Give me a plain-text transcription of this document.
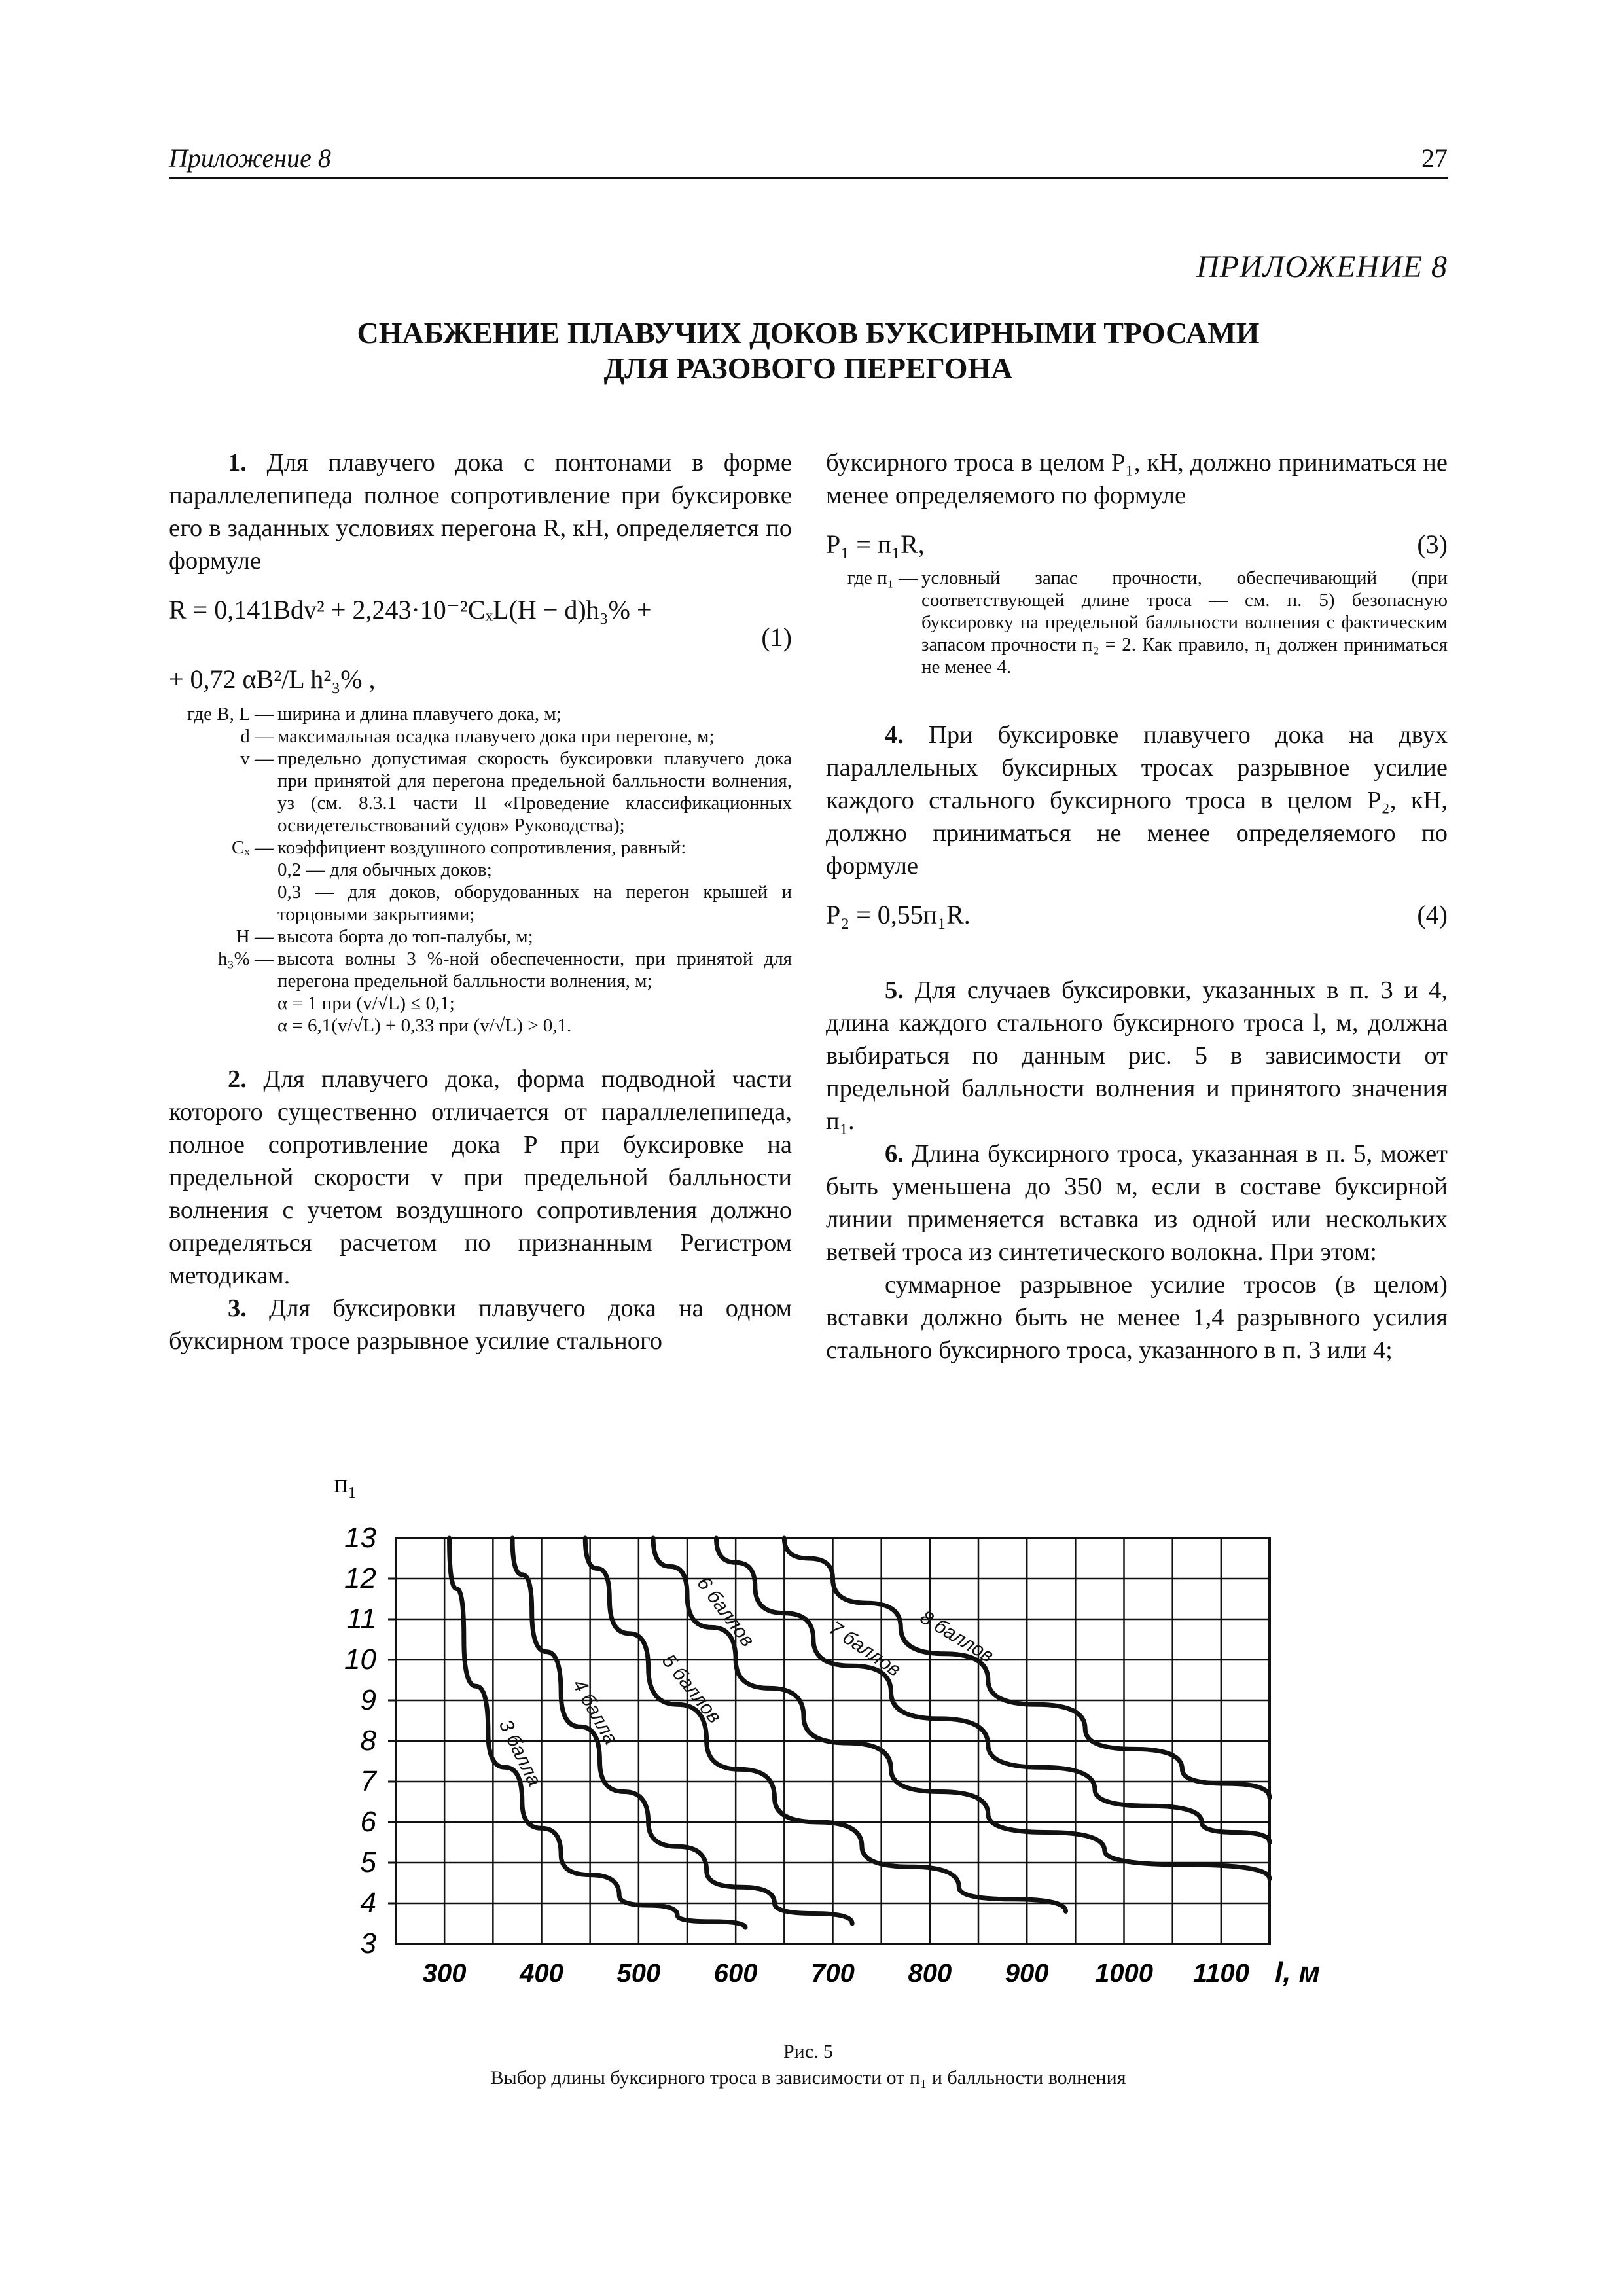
Приложение 8	27
ПРИЛОЖЕНИЕ 8
СНАБЖЕНИЕ ПЛАВУЧИХ ДОКОВ БУКСИРНЫМИ ТРОСАМИ
ДЛЯ РАЗОВОГО ПЕРЕГОНА

1. Для плавучего дока с понтонами в форме параллелепипеда полное сопротивление при буксировке его в заданных условиях перегона R, кН, определяется по формуле

R = 0,141Bdv² + 2,243·10⁻²CₓL(H − d)h₃% +
(1)
+ 0,72 αB²/L h²₃% ,
где B, L — ширина и длина плавучего дока, м;
d — максимальная осадка плавучего дока при перегоне, м;
v — предельно допустимая скорость буксировки плавучего дока при принятой для перегона предельной балльности волнения, уз (см. 8.3.1 части II «Проведение классификационных освидетельствований судов» Руководства);
Cₓ — коэффициент воздушного сопротивления, равный:
0,2 — для обычных доков;
0,3 — для доков, оборудованных на перегон крышей и торцовыми закрытиями;
H — высота борта до топ-палубы, м;
h₃% — высота волны 3 %-ной обеспеченности, при принятой для перегона предельной балльности волнения, м;
α = 1 при (v/√L) ≤ 0,1;
α = 6,1(v/√L) + 0,33 при (v/√L) > 0,1.

2. Для плавучего дока, форма подводной части которого существенно отличается от параллелепипеда, полное сопротивление дока P при буксировке на предельной скорости v при предельной балльности волнения с учетом воздушного сопротивления должно определяться расчетом по признанным Регистром методикам.

3. Для буксировки плавучего дока на одном буксирном тросе разрывное усилие стального

буксирного троса в целом P₁, кН, должно приниматься не менее определяемого по формуле

P₁ = п₁R,	(3)
где п₁ — условный запас прочности, обеспечивающий (при соответствующей длине троса — см. п. 5) безопасную буксировку на предельной балльности волнения с фактическим запасом прочности п₂ = 2. Как правило, п₁ должен приниматься не менее 4.

4. При буксировке плавучего дока на двух параллельных буксирных тросах разрывное усилие каждого стального буксирного троса в целом P₂, кН, должно приниматься не менее определяемого по формуле

P₂ = 0,55п₁R.	(4)

5. Для случаев буксировки, указанных в п. 3 и 4, длина каждого стального буксирного троса l, м, должна выбираться по данным рис. 5 в зависимости от предельной балльности волнения и принятого значения п₁.

6. Длина буксирного троса, указанная в п. 5, может быть уменьшена до 350 м, если в составе буксирной линии применяется вставка из одной или нескольких ветвей троса из синтетического волокна. При этом:

суммарное разрывное усилие тросов (в целом) вставки должно быть не менее 1,4 разрывного усилия стального буксирного троса, указанного в п. 3 или 4;

3
4
5
6
7
8
9
10
11
12
13
300 400 500 600 700 800 900 1000 1100 l, м
п₁
3 балла
4 балла 5 баллов
6 баллов	7 баллов 8 баллов
Рис. 5
Выбор длины буксирного троса в зависимости от п₁ и балльности волнения
